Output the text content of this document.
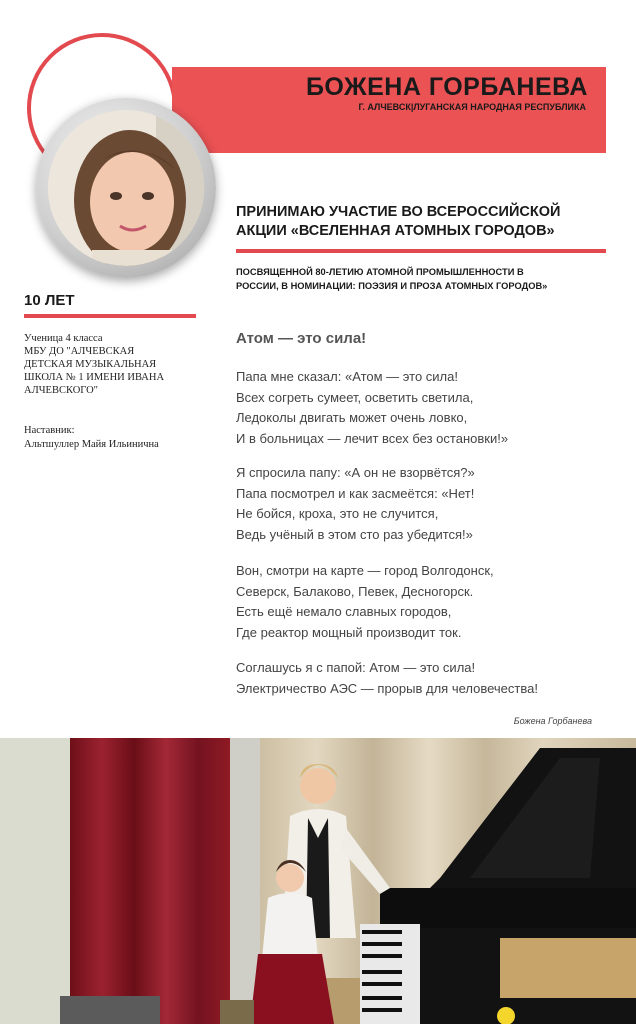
БОЖЕНА ГОРБАНЕВА
Г. АЛЧЕВСК|ЛУГАНСКАЯ НАРОДНАЯ РЕСПУБЛИКА
ПРИНИМАЮ УЧАСТИЕ ВО ВСЕРОССИЙСКОЙ
АКЦИИ «ВСЕЛЕННАЯ АТОМНЫХ ГОРОДОВ»
ПОСВЯЩЕННОЙ 80-ЛЕТИЮ АТОМНОЙ ПРОМЫШЛЕННОСТИ В
РОССИИ, В НОМИНАЦИИ: ПОЭЗИЯ И ПРОЗА АТОМНЫХ ГОРОДОВ»
10 ЛЕТ
Ученица 4 класса
МБУ ДО "АЛЧЕВСКАЯ
ДЕТСКАЯ МУЗЫКАЛЬНАЯ
ШКОЛА № 1 ИМЕНИ ИВАНА
АЛЧЕВСКОГО"
Наставник:
Альтшуллер Майя Ильинична
Атом — это сила!
Папа мне сказал: «Атом — это сила!
Всех согреть сумеет, осветить светила,
Ледоколы двигать может очень ловко,
И в больницах — лечит всех без остановки!»
Я спросила папу: «А он не взорвётся?»
Папа посмотрел и как засмеётся: «Нет!
Не бойся, кроха, это не случится,
Ведь учёный в этом сто раз убедится!»
Вон, смотри на карте — город Волгодонск,
Северск, Балаково, Певек, Десногорск.
Есть ещё немало славных городов,
Где реактор мощный производит ток.
Соглашусь я с папой: Атом — это сила!
Электричество АЭС — прорыв для человечества!
Божена Горбанева
